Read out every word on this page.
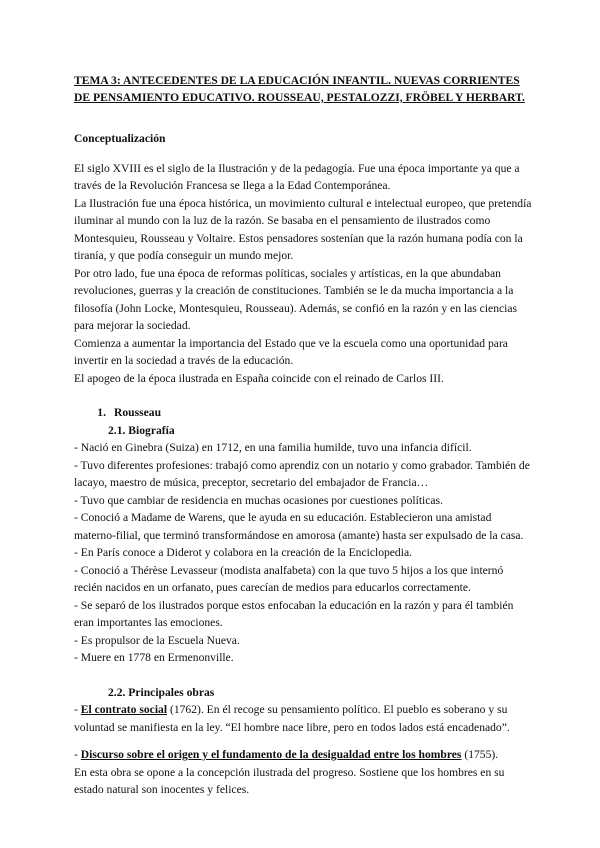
TEMA 3: ANTECEDENTES DE LA EDUCACIÓN INFANTIL. NUEVAS CORRIENTES DE PENSAMIENTO EDUCATIVO. ROUSSEAU, PESTALOZZI, FRÖBEL Y HERBART.

Conceptualización

El siglo XVIII es el siglo de la Ilustración y de la pedagogía. Fue una época importante ya que a través de la Revolución Francesa se llega a la Edad Contemporánea.

La Ilustración fue una época histórica, un movimiento cultural e intelectual europeo, que pretendía iluminar al mundo con la luz de la razón. Se basaba en el pensamiento de ilustrados como Montesquieu, Rousseau y Voltaire. Estos pensadores sostenían que la razón humana podía con la tiranía, y que podía conseguir un mundo mejor.

Por otro lado, fue una época de reformas políticas, sociales y artísticas, en la que abundaban revoluciones, guerras y la creación de constituciones. También se le da mucha importancia a la filosofía (John Locke, Montesquieu, Rousseau). Además, se confió en la razón y en las ciencias para mejorar la sociedad.

Comienza a aumentar la importancia del Estado que ve la escuela como una oportunidad para invertir en la sociedad a través de la educación.

El apogeo de la época ilustrada en España coincide con el reinado de Carlos III.

1. Rousseau
2.1. Biografía

- Nació en Ginebra (Suiza) en 1712, en una familia humilde, tuvo una infancia difícil.

- Tuvo diferentes profesiones: trabajó como aprendiz con un notario y como grabador. También de lacayo, maestro de música, preceptor, secretario del embajador de Francia…

- Tuvo que cambiar de residencia en muchas ocasiones por cuestiones políticas.

- Conoció a Madame de Warens, que le ayuda en su educación. Establecieron una amistad materno-filial, que terminó transformándose en amorosa (amante) hasta ser expulsado de la casa.

- En París conoce a Diderot y colabora en la creación de la Enciclopedia.

- Conoció a Thérèse Levasseur (modista analfabeta) con la que tuvo 5 hijos a los que internó recién nacidos en un orfanato, pues carecían de medios para educarlos correctamente.

- Se separó de los ilustrados porque estos enfocaban la educación en la razón y para él también eran importantes las emociones.

- Es propulsor de la Escuela Nueva.

- Muere en 1778 en Ermenonville.

2.2. Principales obras

- El contrato social (1762). En él recoge su pensamiento político. El pueblo es soberano y su voluntad se manifiesta en la ley. “El hombre nace libre, pero en todos lados está encadenado”.

- Discurso sobre el origen y el fundamento de la desigualdad entre los hombres (1755).

En esta obra se opone a la concepción ilustrada del progreso. Sostiene que los hombres en su estado natural son inocentes y felices.
